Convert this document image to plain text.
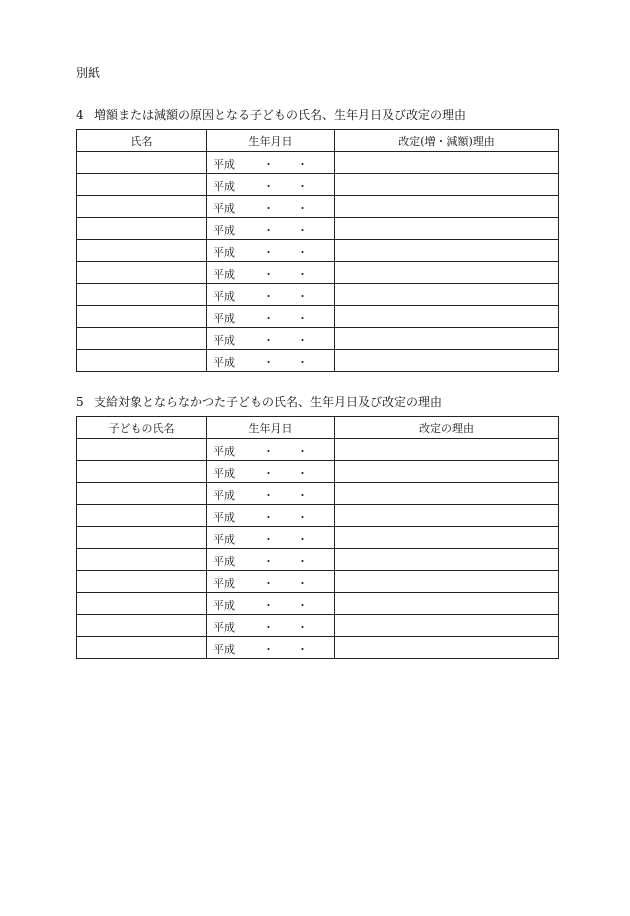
別紙
4 増額または減額の原因となる子どもの氏名、生年月日及び改定の理由
氏名	生年月日	改定(増・減額)理由

	平成 ・ ・	

	平成 ・ ・	

	平成 ・ ・	

	平成 ・ ・	

	平成 ・ ・	

	平成 ・ ・	

	平成 ・ ・	

	平成 ・ ・	

	平成 ・ ・	

	平成 ・ ・	

5 支給対象とならなかつた子どもの氏名、生年月日及び改定の理由
子どもの氏名	生年月日	改定の理由

	平成 ・ ・	

	平成 ・ ・	

	平成 ・ ・	

	平成 ・ ・	

	平成 ・ ・	

	平成 ・ ・	

	平成 ・ ・	

	平成 ・ ・	

	平成 ・ ・	

	平成 ・ ・	
